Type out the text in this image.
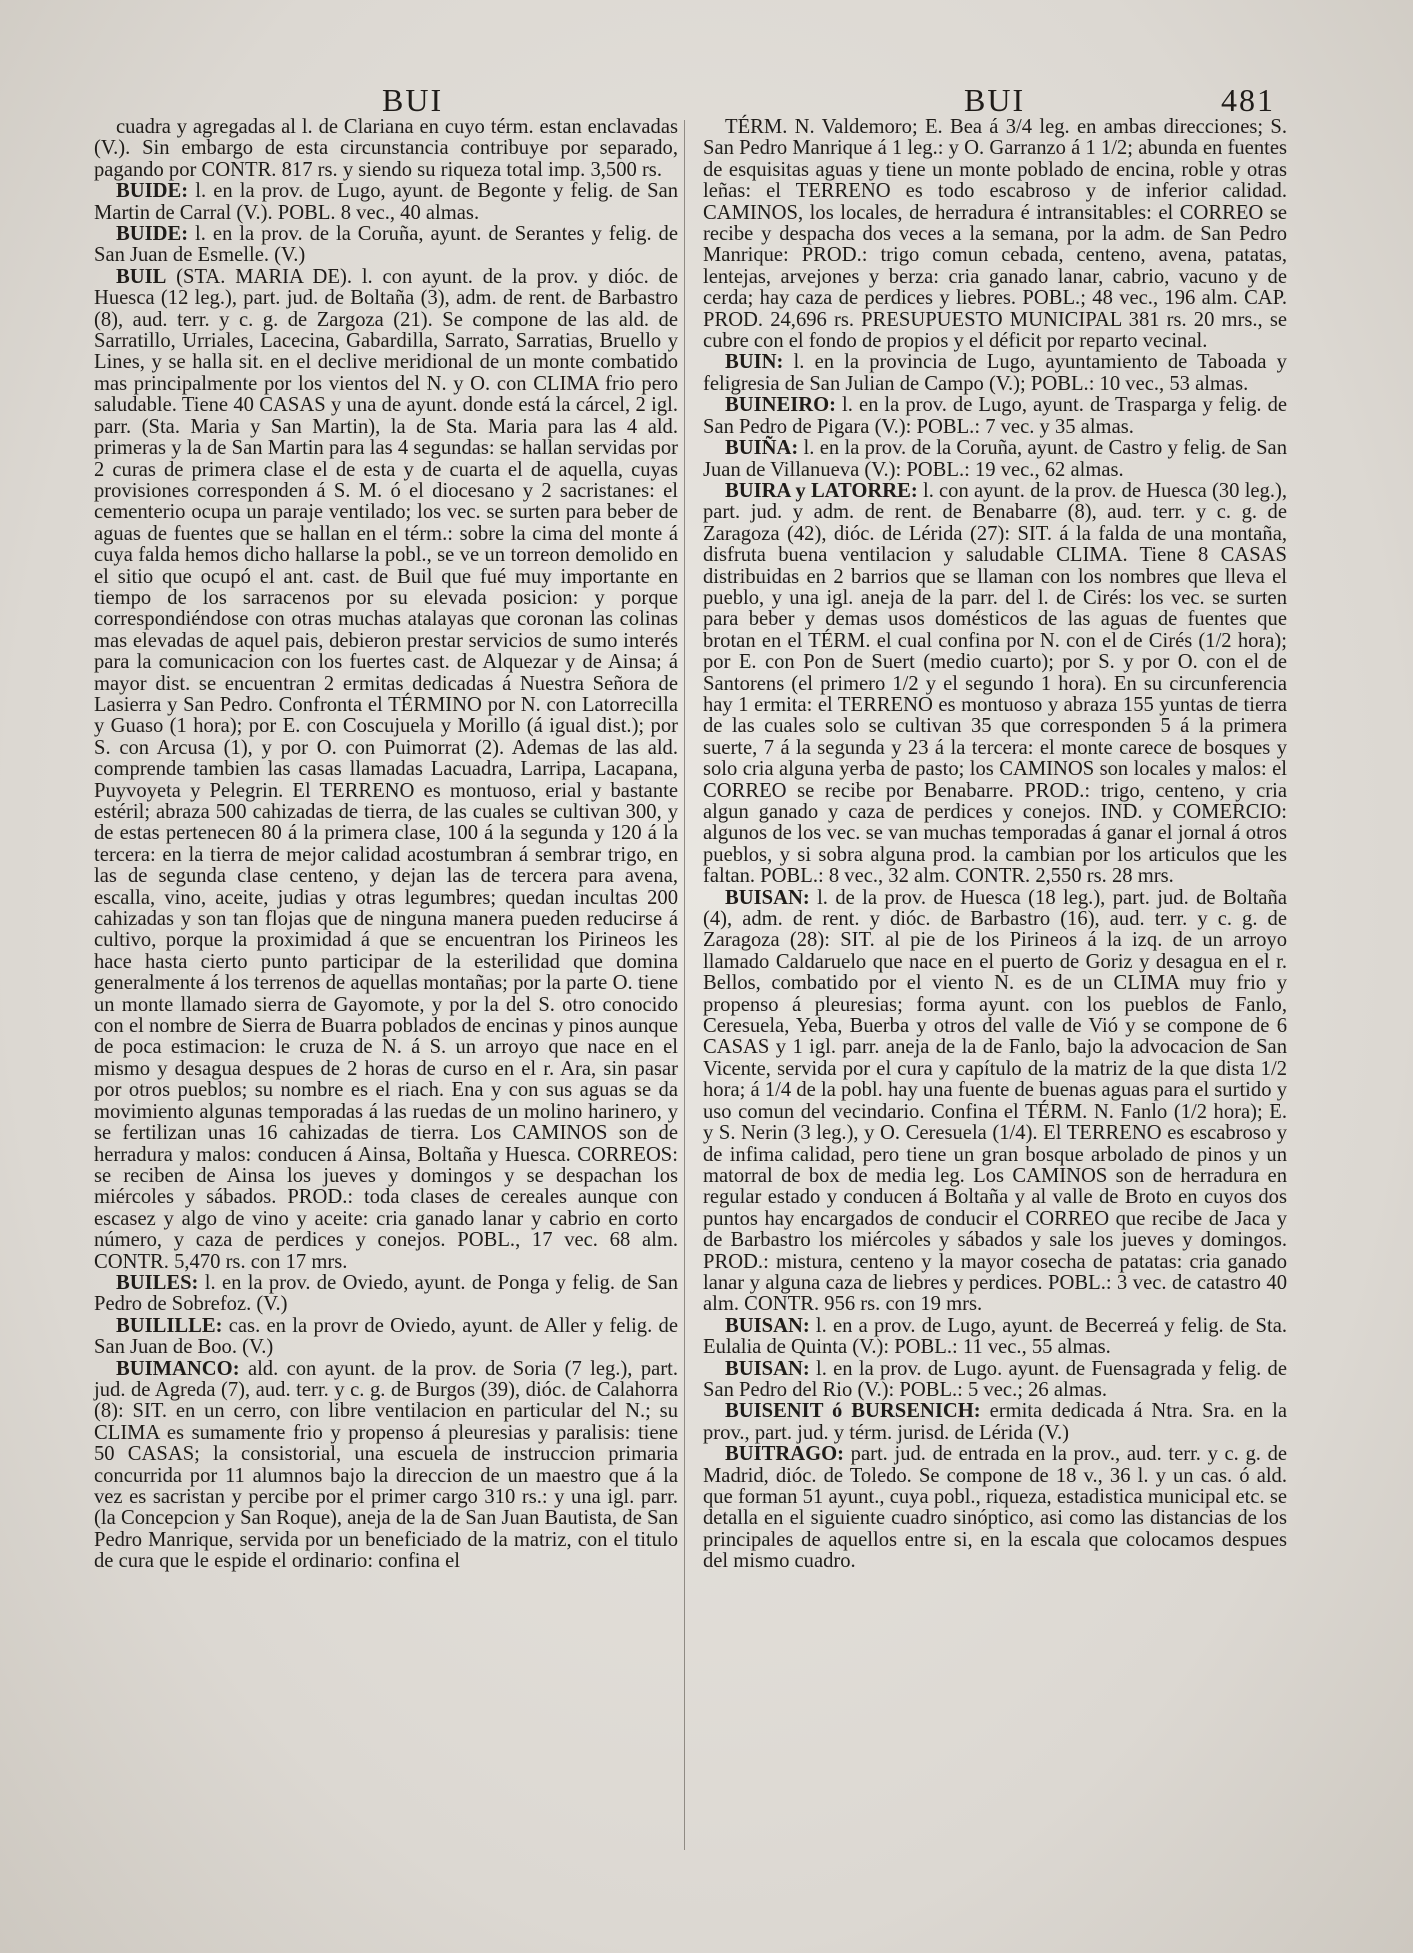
BUI	BUI	481

cuadra y agregadas al l. de Clariana en cuyo térm. estan enclavadas (V.). Sin embargo de esta circunstancia contribuye por separado, pagando por CONTR. 817 rs. y siendo su riqueza total imp. 3,500 rs.

BUIDE: l. en la prov. de Lugo, ayunt. de Begonte y felig. de San Martin de Carral (V.). POBL. 8 vec., 40 almas.

BUIDE: l. en la prov. de la Coruña, ayunt. de Serantes y felig. de San Juan de Esmelle. (V.)

BUIL (STA. MARIA DE). l. con ayunt. de la prov. y dióc. de Huesca (12 leg.), part. jud. de Boltaña (3), adm. de rent. de Barbastro (8), aud. terr. y c. g. de Zargoza (21). Se compone de las ald. de Sarratillo, Urriales, Lacecina, Gabardilla, Sarrato, Sarratias, Bruello y Lines, y se halla sit. en el declive meridional de un monte combatido mas principalmente por los vientos del N. y O. con CLIMA frio pero saludable. Tiene 40 CASAS y una de ayunt. donde está la cárcel, 2 igl. parr. (Sta. Maria y San Martin), la de Sta. Maria para las 4 ald. primeras y la de San Martin para las 4 segundas: se hallan servidas por 2 curas de primera clase el de esta y de cuarta el de aquella, cuyas provisiones corresponden á S. M. ó el diocesano y 2 sacristanes: el cementerio ocupa un paraje ventilado; los vec. se surten para beber de aguas de fuentes que se hallan en el térm.: sobre la cima del monte á cuya falda hemos dicho hallarse la pobl., se ve un torreon demolido en el sitio que ocupó el ant. cast. de Buil que fué muy importante en tiempo de los sarracenos por su elevada posicion: y porque correspondiéndose con otras muchas atalayas que coronan las colinas mas elevadas de aquel pais, debieron prestar servicios de sumo interés para la comunicacion con los fuertes cast. de Alquezar y de Ainsa; á mayor dist. se encuentran 2 ermitas dedicadas á Nuestra Señora de Lasierra y San Pedro. Confronta el TÉRMINO por N. con Latorrecilla y Guaso (1 hora); por E. con Coscujuela y Morillo (á igual dist.); por S. con Arcusa (1), y por O. con Puimorrat (2). Ademas de las ald. comprende tambien las casas llamadas Lacuadra, Larripa, Lacapana, Puyvoyeta y Pelegrin. El TERRENO es montuoso, erial y bastante estéril; abraza 500 cahizadas de tierra, de las cuales se cultivan 300, y de estas pertenecen 80 á la primera clase, 100 á la segunda y 120 á la tercera: en la tierra de mejor calidad acostumbran á sembrar trigo, en las de segunda clase centeno, y dejan las de tercera para avena, escalla, vino, aceite, judias y otras legumbres; quedan incultas 200 cahizadas y son tan flojas que de ninguna manera pueden reducirse á cultivo, porque la proximidad á que se encuentran los Pirineos les hace hasta cierto punto participar de la esterilidad que domina generalmente á los terrenos de aquellas montañas; por la parte O. tiene un monte llamado sierra de Gayomote, y por la del S. otro conocido con el nombre de Sierra de Buarra poblados de encinas y pinos aunque de poca estimacion: le cruza de N. á S. un arroyo que nace en el mismo y desagua despues de 2 horas de curso en el r. Ara, sin pasar por otros pueblos; su nombre es el riach. Ena y con sus aguas se da movimiento algunas temporadas á las ruedas de un molino harinero, y se fertilizan unas 16 cahizadas de tierra. Los CAMINOS son de herradura y malos: conducen á Ainsa, Boltaña y Huesca. CORREOS: se reciben de Ainsa los jueves y domingos y se despachan los miércoles y sábados. PROD.: toda clases de cereales aunque con escasez y algo de vino y aceite: cria ganado lanar y cabrio en corto número, y caza de perdices y conejos. POBL., 17 vec. 68 alm. CONTR. 5,470 rs. con 17 mrs.

BUILES: l. en la prov. de Oviedo, ayunt. de Ponga y felig. de San Pedro de Sobrefoz. (V.)

BUILILLE: cas. en la provr de Oviedo, ayunt. de Aller y felig. de San Juan de Boo. (V.)

BUIMANCO: ald. con ayunt. de la prov. de Soria (7 leg.), part. jud. de Agreda (7), aud. terr. y c. g. de Burgos (39), dióc. de Calahorra (8): SIT. en un cerro, con libre ventilacion en particular del N.; su CLIMA es sumamente frio y propenso á pleuresias y paralisis: tiene 50 CASAS; la consistorial, una escuela de instruccion primaria concurrida por 11 alumnos bajo la direccion de un maestro que á la vez es sacristan y percibe por el primer cargo 310 rs.: y una igl. parr. (la Concepcion y San Roque), aneja de la de San Juan Bautista, de San Pedro Manrique, servida por un beneficiado de la matriz, con el titulo de cura que le espide el ordinario: confina el

TÉRM. N. Valdemoro; E. Bea á 3/4 leg. en ambas direcciones; S. San Pedro Manrique á 1 leg.: y O. Garranzo á 1 1/2; abunda en fuentes de esquisitas aguas y tiene un monte poblado de encina, roble y otras leñas: el TERRENO es todo escabroso y de inferior calidad. CAMINOS, los locales, de herradura é intransitables: el CORREO se recibe y despacha dos veces a la semana, por la adm. de San Pedro Manrique: PROD.: trigo comun cebada, centeno, avena, patatas, lentejas, arvejones y berza: cria ganado lanar, cabrio, vacuno y de cerda; hay caza de perdices y liebres. POBL.; 48 vec., 196 alm. CAP. PROD. 24,696 rs. PRESUPUESTO MUNICIPAL 381 rs. 20 mrs., se cubre con el fondo de propios y el déficit por reparto vecinal.

BUIN: l. en la provincia de Lugo, ayuntamiento de Taboada y feligresia de San Julian de Campo (V.); POBL.: 10 vec., 53 almas.

BUINEIRO: l. en la prov. de Lugo, ayunt. de Trasparga y felig. de San Pedro de Pigara (V.): POBL.: 7 vec. y 35 almas.

BUIÑA: l. en la prov. de la Coruña, ayunt. de Castro y felig. de San Juan de Villanueva (V.): POBL.: 19 vec., 62 almas.

BUIRA y LATORRE: l. con ayunt. de la prov. de Huesca (30 leg.), part. jud. y adm. de rent. de Benabarre (8), aud. terr. y c. g. de Zaragoza (42), dióc. de Lérida (27): SIT. á la falda de una montaña, disfruta buena ventilacion y saludable CLIMA. Tiene 8 CASAS distribuidas en 2 barrios que se llaman con los nombres que lleva el pueblo, y una igl. aneja de la parr. del l. de Cirés: los vec. se surten para beber y demas usos domésticos de las aguas de fuentes que brotan en el TÉRM. el cual confina por N. con el de Cirés (1/2 hora); por E. con Pon de Suert (medio cuarto); por S. y por O. con el de Santorens (el primero 1/2 y el segundo 1 hora). En su circunferencia hay 1 ermita: el TERRENO es montuoso y abraza 155 yuntas de tierra de las cuales solo se cultivan 35 que corresponden 5 á la primera suerte, 7 á la segunda y 23 á la tercera: el monte carece de bosques y solo cria alguna yerba de pasto; los CAMINOS son locales y malos: el CORREO se recibe por Benabarre. PROD.: trigo, centeno, y cria algun ganado y caza de perdices y conejos. IND. y COMERCIO: algunos de los vec. se van muchas temporadas á ganar el jornal á otros pueblos, y si sobra alguna prod. la cambian por los articulos que les faltan. POBL.: 8 vec., 32 alm. CONTR. 2,550 rs. 28 mrs.

BUISAN: l. de la prov. de Huesca (18 leg.), part. jud. de Boltaña (4), adm. de rent. y dióc. de Barbastro (16), aud. terr. y c. g. de Zaragoza (28): SIT. al pie de los Pirineos á la izq. de un arroyo llamado Caldaruelo que nace en el puerto de Goriz y desagua en el r. Bellos, combatido por el viento N. es de un CLIMA muy frio y propenso á pleuresias; forma ayunt. con los pueblos de Fanlo, Ceresuela, Yeba, Buerba y otros del valle de Vió y se compone de 6 CASAS y 1 igl. parr. aneja de la de Fanlo, bajo la advocacion de San Vicente, servida por el cura y capítulo de la matriz de la que dista 1/2 hora; á 1/4 de la pobl. hay una fuente de buenas aguas para el surtido y uso comun del vecindario. Confina el TÉRM. N. Fanlo (1/2 hora); E. y S. Nerin (3 leg.), y O. Ceresuela (1/4). El TERRENO es escabroso y de infima calidad, pero tiene un gran bosque arbolado de pinos y un matorral de box de media leg. Los CAMINOS son de herradura en regular estado y conducen á Boltaña y al valle de Broto en cuyos dos puntos hay encargados de conducir el CORREO que recibe de Jaca y de Barbastro los miércoles y sábados y sale los jueves y domingos. PROD.: mistura, centeno y la mayor cosecha de patatas: cria ganado lanar y alguna caza de liebres y perdices. POBL.: 3 vec. de catastro 40 alm. CONTR. 956 rs. con 19 mrs.

BUISAN: l. en a prov. de Lugo, ayunt. de Becerreá y felig. de Sta. Eulalia de Quinta (V.): POBL.: 11 vec., 55 almas.

BUISAN: l. en la prov. de Lugo. ayunt. de Fuensagrada y felig. de San Pedro del Rio (V.): POBL.: 5 vec.; 26 almas.

BUISENIT ó BURSENICH: ermita dedicada á Ntra. Sra. en la prov., part. jud. y térm. jurisd. de Lérida (V.)

BUITRAGO: part. jud. de entrada en la prov., aud. terr. y c. g. de Madrid, dióc. de Toledo. Se compone de 18 v., 36 l. y un cas. ó ald. que forman 51 ayunt., cuya pobl., riqueza, estadistica municipal etc. se detalla en el siguiente cuadro sinóptico, asi como las distancias de los principales de aquellos entre si, en la escala que colocamos despues del mismo cuadro.
